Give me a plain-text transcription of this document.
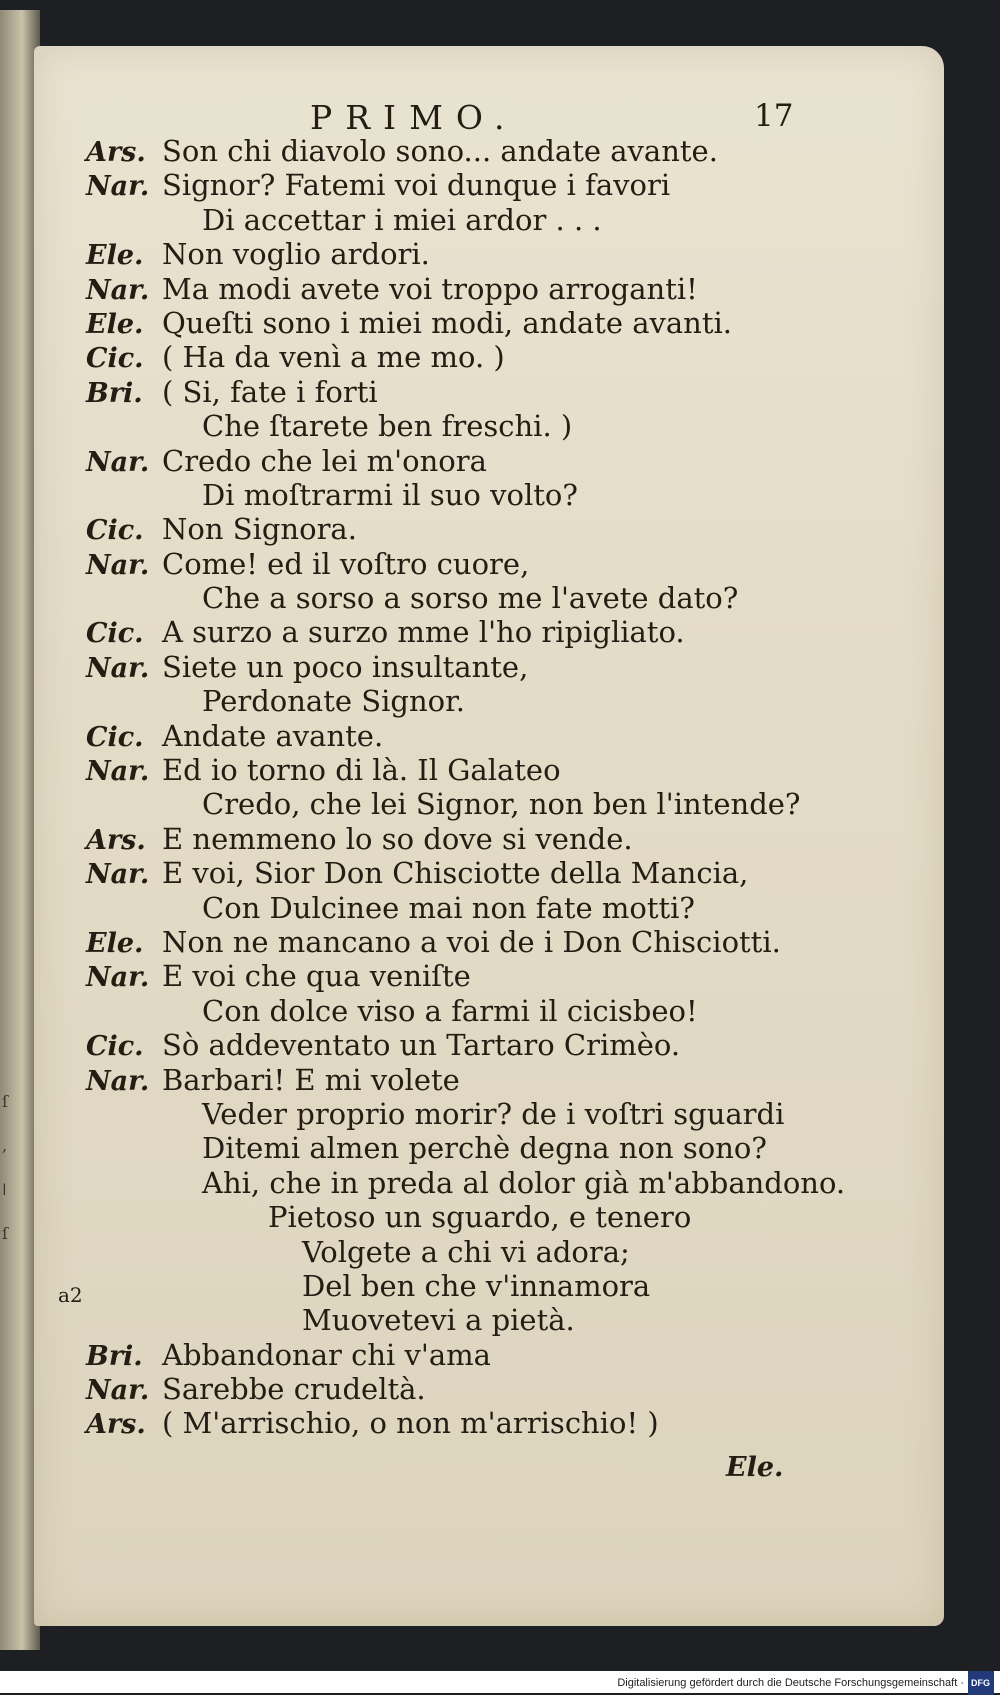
ſ
,
ǀ
ſ
PRIMO.	17
Ars. Son chi diavolo sono... andate avante.
Nar. Signor? Fatemi voi dunque i favori
Di accettar i miei ardor . . .
Ele. Non voglio ardori.
Nar. Ma modi avete voi troppo arroganti!
Ele. Queſti sono i miei modi, andate avanti.
Cic. ( Ha da venì a me mo. )
Bri. ( Si, fate i forti
Che ſtarete ben freschi. )
Nar. Credo che lei m'onora
Di moſtrarmi il suo volto?
Cic. Non Signora.
Nar. Come! ed il voſtro cuore,
Che a sorso a sorso me l'avete dato?
Cic. A surzo a surzo mme l'ho ripigliato.
Nar. Siete un poco insultante,
Perdonate Signor.
Cic. Andate avante.
Nar. Ed io torno di là. Il Galateo
Credo, che lei Signor, non ben l'intende?
Ars. E nemmeno lo so dove si vende.
Nar. E voi, Sior Don Chisciotte della Mancia,
Con Dulcinee mai non fate motti?
Ele. Non ne mancano a voi de i Don Chisciotti.
Nar. E voi che qua veniſte
Con dolce viso a farmi il cicisbeo!
Cic. Sò addeventato un Tartaro Crimèo.
Nar. Barbari! E mi volete
Veder proprio morir? de i voſtri sguardi
Ditemi almen perchè degna non sono?
Ahi, che in preda al dolor già m'abbandono.
Pietoso un sguardo, e tenero
Volgete a chi vi adora;
Del ben che v'innamora
Muovetevi a pietà.
Bri. Abbandonar chi v'ama
Nar. Sarebbe crudeltà.
Ars. ( M'arrischio, o non m'arrischio! )
a2
Ele.
Digitalisierung gefördert durch die Deutsche Forschungsgemeinschaft · DFG
